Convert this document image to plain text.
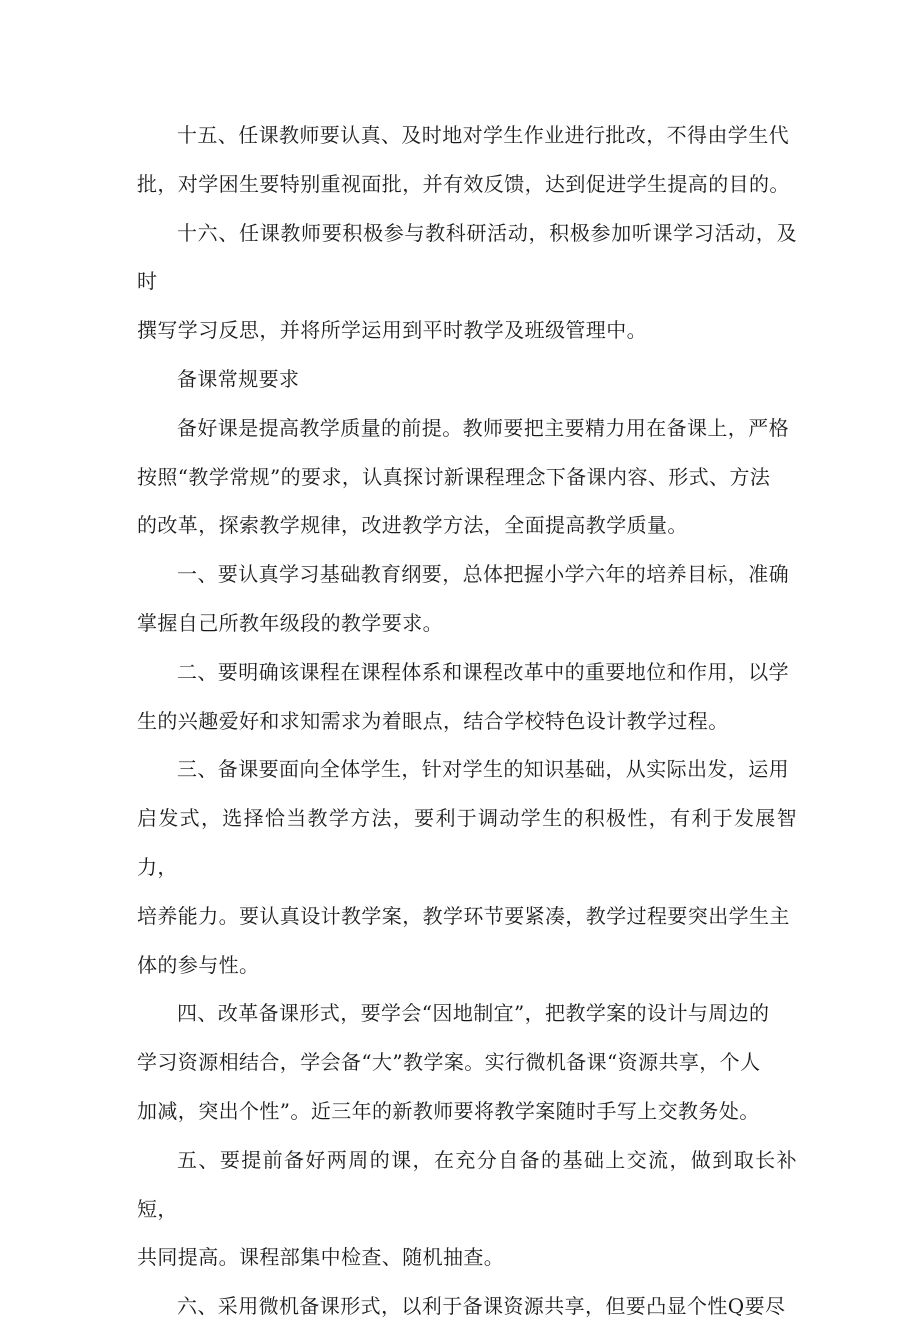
十五、任课教师要认真、及时地对学生作业进行批改，不得由学生代
批，对学困生要特别重视面批，并有效反馈，达到促进学生提高的目的。

十六、任课教师要积极参与教科研活动，积极参加听课学习活动，及时
撰写学习反思，并将所学运用到平时教学及班级管理中。

备课常规要求

备好课是提高教学质量的前提。教师要把主要精力用在备课上，严格
按照“教学常规”的要求，认真探讨新课程理念下备课内容、形式、方法
的改革，探索教学规律，改进教学方法，全面提高教学质量。

一、要认真学习基础教育纲要，总体把握小学六年的培养目标，准确
掌握自己所教年级段的教学要求。

二、要明确该课程在课程体系和课程改革中的重要地位和作用，以学
生的兴趣爱好和求知需求为着眼点，结合学校特色设计教学过程。

三、备课要面向全体学生，针对学生的知识基础，从实际出发，运用
启发式，选择恰当教学方法，要利于调动学生的积极性，有利于发展智力，
培养能力。要认真设计教学案，教学环节要紧凑，教学过程要突出学生主
体的参与性。

四、改革备课形式，要学会“因地制宜”，把教学案的设计与周边的
学习资源相结合，学会备“大”教学案。实行微机备课“资源共享，个人
加减，突出个性”。近三年的新教师要将教学案随时手写上交教务处。

五、要提前备好两周的课，在充分自备的基础上交流，做到取长补短，
共同提高。课程部集中检查、随机抽查。

六、采用微机备课形式，以利于备课资源共享，但要凸显个性Q要尽
